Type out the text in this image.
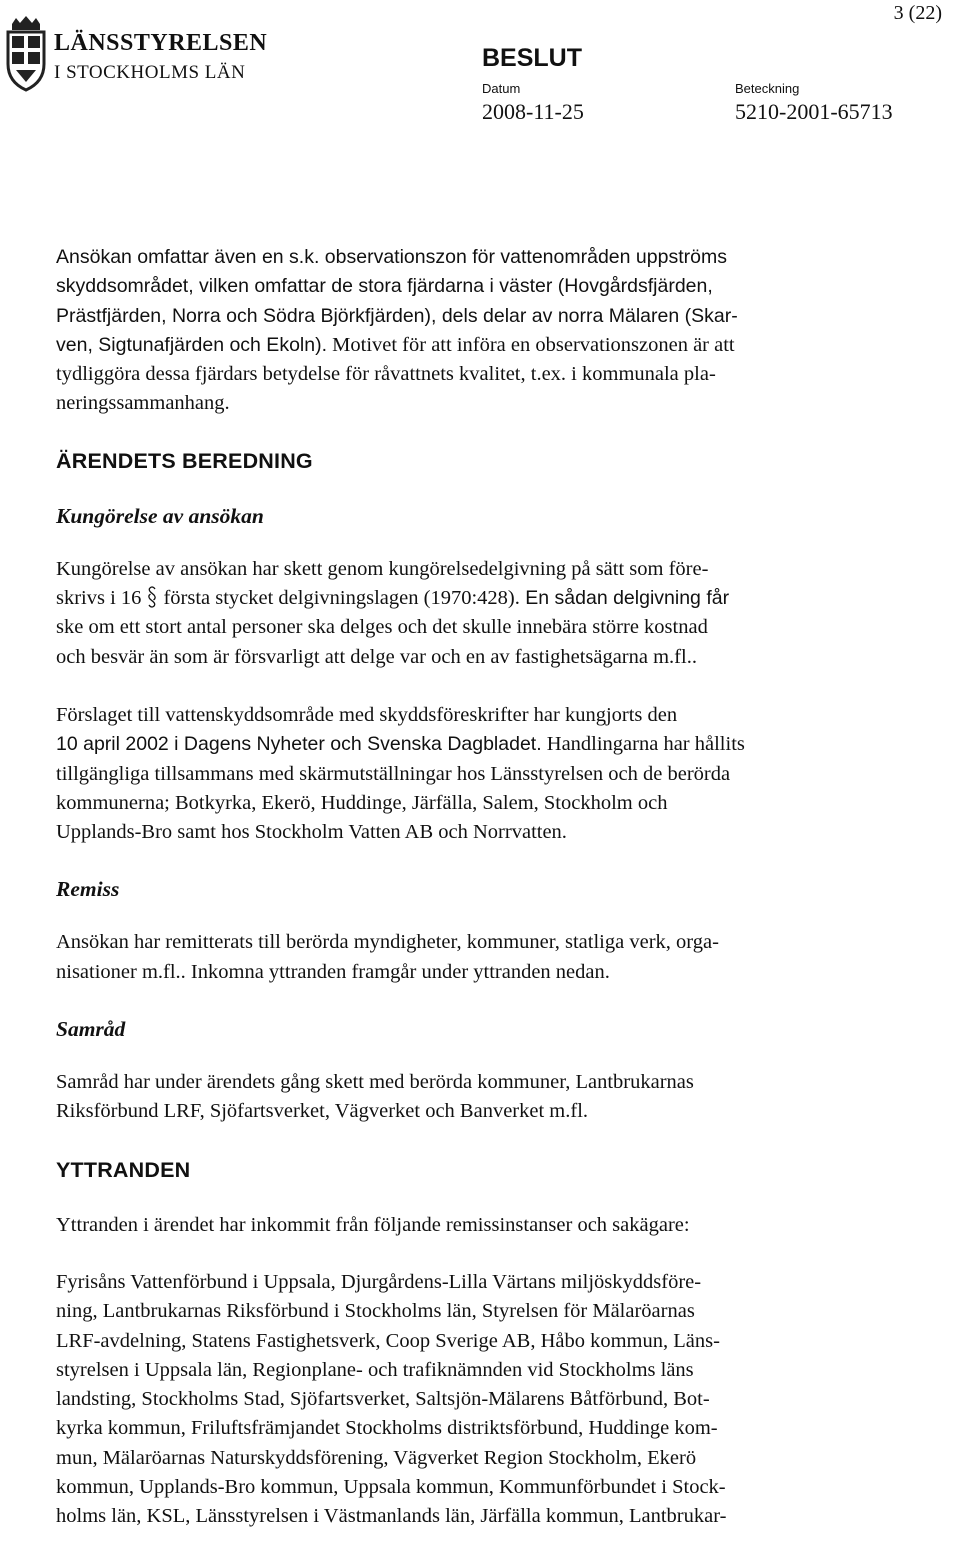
3 (22)
LÄNSSTYRELSEN
I STOCKHOLMS LÄN
BESLUT
Datum
2008-11-25
Beteckning
5210-2001-65713
Ansökan omfattar även en s.k. observationszon för vattenområden uppströms
skyddsområdet, vilken omfattar de stora fjärdarna i väster (Hovgårdsfjärden,
Prästfjärden, Norra och Södra Björkfjärden), dels delar av norra Mälaren (Skar-
ven, Sigtunafjärden och Ekoln). Motivet för att införa en observationszonen är att
tydliggöra dessa fjärdars betydelse för råvattnets kvalitet, t.ex. i kommunala pla-
neringssammanhang.
ÄRENDETS BEREDNING
Kungörelse av ansökan
Kungörelse av ansökan har skett genom kungörelsedelgivning på sätt som före-
skrivs i 16 första stycket delgivningslagen (1970:428). En sådan delgivning får
ske om ett stort antal personer ska delges och det skulle innebära större kostnad
och besvär än som är försvarligt att delge var och en av fastighetsägarna m.fl..
Förslaget till vattenskyddsområde med skyddsföreskrifter har kungjorts den
10 april 2002 i Dagens Nyheter och Svenska Dagbladet. Handlingarna har hållits
tillgängliga tillsammans med skärmutställningar hos Länsstyrelsen och de berörda
kommunerna; Botkyrka, Ekerö, Huddinge, Järfälla, Salem, Stockholm och
Upplands-Bro samt hos Stockholm Vatten AB och Norrvatten.
Remiss
Ansökan har remitterats till berörda myndigheter, kommuner, statliga verk, orga-
nisationer m.fl.. Inkomna yttranden framgår under yttranden nedan.
Samråd
Samråd har under ärendets gång skett med berörda kommuner, Lantbrukarnas
Riksförbund LRF, Sjöfartsverket, Vägverket och Banverket m.fl.
YTTRANDEN
Yttranden i ärendet har inkommit från följande remissinstanser och sakägare:
Fyrisåns Vattenförbund i Uppsala, Djurgårdens-Lilla Värtans miljöskyddsföre-
ning, Lantbrukarnas Riksförbund i Stockholms län, Styrelsen för Mälaröarnas
LRF-avdelning, Statens Fastighetsverk, Coop Sverige AB, Håbo kommun, Läns-
styrelsen i Uppsala län, Regionplane- och trafiknämnden vid Stockholms läns
landsting, Stockholms Stad, Sjöfartsverket, Saltsjön-Mälarens Båtförbund, Bot-
kyrka kommun, Friluftsfrämjandet Stockholms distriktsförbund, Huddinge kom-
mun, Mälaröarnas Naturskyddsförening, Vägverket Region Stockholm, Ekerö
kommun, Upplands-Bro kommun, Uppsala kommun, Kommunförbundet i Stock-
holms län, KSL, Länsstyrelsen i Västmanlands län, Järfälla kommun, Lantbrukar-
